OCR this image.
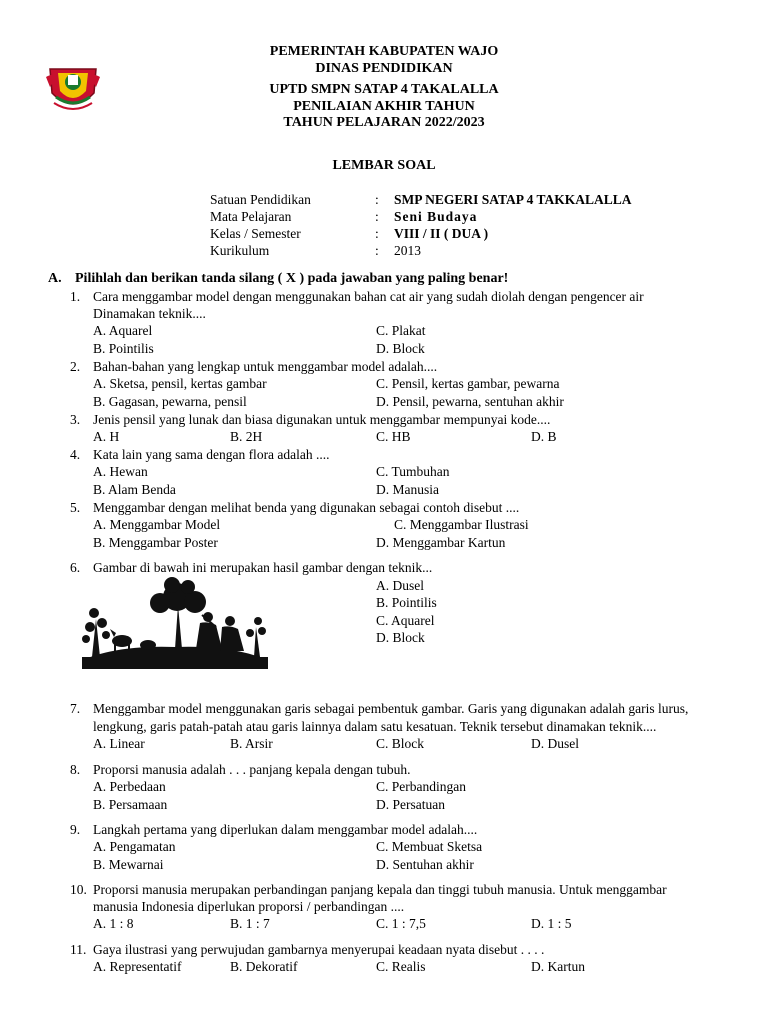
PEMERINTAH KABUPATEN WAJO
DINAS PENDIDIKAN
UPTD SMPN SATAP 4 TAKALALLA
PENILAIAN AKHIR TAHUN
TAHUN PELAJARAN 2022/2023
LEMBAR SOAL
Satuan Pendidikan	: SMP NEGERI SATAP 4 TAKKALALLA
Mata Pelajaran	: Seni Budaya
Kelas / Semester	: VIII / II ( DUA )
Kurikulum	: 2013
A. Pilihlah dan berikan tanda silang ( X ) pada jawaban yang paling benar!
1. Cara menggambar model dengan menggunakan bahan cat air yang sudah diolah dengan pengencer air
Dinamakan teknik....
A. Aquarel
B. Pointilis
C. Plakat
D. Block
2. Bahan-bahan yang lengkap untuk menggambar model adalah....
A. Sketsa, pensil, kertas gambar
B. Gagasan, pewarna, pensil
C. Pensil, kertas gambar, pewarna
D. Pensil, pewarna, sentuhan akhir
3. Jenis pensil yang lunak dan biasa digunakan untuk menggambar mempunyai kode....
A. H	B. 2H	C. HB	D. B
4. Kata lain yang sama dengan flora adalah ....
A. Hewan
B. Alam Benda
C. Tumbuhan
D. Manusia
5. Menggambar dengan melihat benda yang digunakan sebagai contoh disebut ....
A. Menggambar Model
B. Menggambar Poster
C. Menggambar Ilustrasi
D. Menggambar Kartun
6. Gambar di bawah ini merupakan hasil gambar dengan teknik...
A. Dusel
B. Pointilis
C. Aquarel
D. Block
7. Menggambar model menggunakan garis sebagai pembentuk gambar. Garis yang digunakan adalah garis lurus,
lengkung, garis patah-patah atau garis lainnya dalam satu kesatuan. Teknik tersebut dinamakan teknik....
A. Linear	B. Arsir	C. Block	D. Dusel
8. Proporsi manusia adalah . . . panjang kepala dengan tubuh.
A. Perbedaan
B. Persamaan
C. Perbandingan
D. Persatuan
9. Langkah pertama yang diperlukan dalam menggambar model adalah....
A. Pengamatan
B. Mewarnai
C. Membuat Sketsa
D. Sentuhan akhir
10. Proporsi manusia merupakan perbandingan panjang kepala dan tinggi tubuh manusia. Untuk menggambar
manusia Indonesia diperlukan proporsi / perbandingan ....
A. 1 : 8	B. 1 : 7	C. 1 : 7,5	D. 1 : 5
11. Gaya ilustrasi yang perwujudan gambarnya menyerupai keadaan nyata disebut . . . .
A. Representatif	B. Dekoratif	C. Realis	D. Kartun
